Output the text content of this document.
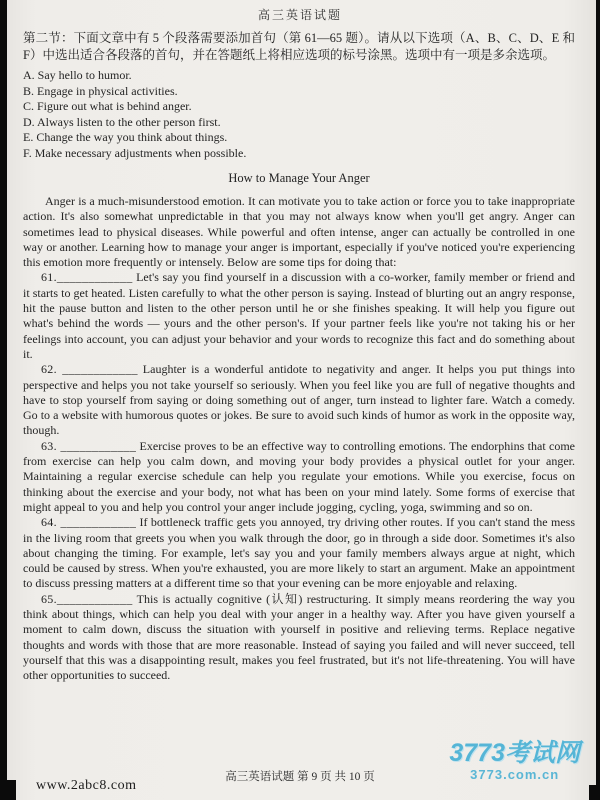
高三英语试题

第二节：下面文章中有 5 个段落需要添加首句（第 61—65 题）。请从以下选项（A、B、C、D、E 和 F）中选出适合各段落的首句，并在答题纸上将相应选项的标号涂黑。选项中有一项是多余选项。

A. Say hello to humor.
B. Engage in physical activities.
C. Figure out what is behind anger.
D. Always listen to the other person first.
E. Change the way you think about things.
F. Make necessary adjustments when possible.
How to Manage Your Anger

Anger is a much-misunderstood emotion. It can motivate you to take action or force you to take inappropriate action. It's also somewhat unpredictable in that you may not always know when you'll get angry. Anger can sometimes lead to physical diseases. While powerful and often intense, anger can actually be controlled in one way or another. Learning how to manage your anger is important, especially if you've noticed you're experiencing this emotion more frequently or intensely. Below are some tips for doing that:

61.____________ Let's say you find yourself in a discussion with a co-worker, family member or friend and it starts to get heated. Listen carefully to what the other person is saying. Instead of blurting out an angry response, hit the pause button and listen to the other person until he or she finishes speaking. It will help you figure out what's behind the words — yours and the other person's. If your partner feels like you're not taking his or her feelings into account, you can adjust your behavior and your words to recognize this fact and do something about it.

62. ____________ Laughter is a wonderful antidote to negativity and anger. It helps you put things into perspective and helps you not take yourself so seriously. When you feel like you are full of negative thoughts and have to stop yourself from saying or doing something out of anger, turn instead to lighter fare. Watch a comedy. Go to a website with humorous quotes or jokes. Be sure to avoid such kinds of humor as work in the opposite way, though.

63. ____________ Exercise proves to be an effective way to controlling emotions. The endorphins that come from exercise can help you calm down, and moving your body provides a physical outlet for your anger. Maintaining a regular exercise schedule can help you regulate your emotions. While you exercise, focus on thinking about the exercise and your body, not what has been on your mind lately. Some forms of exercise that might appeal to you and help you control your anger include jogging, cycling, yoga, swimming and so on.

64. ____________ If bottleneck traffic gets you annoyed, try driving other routes. If you can't stand the mess in the living room that greets you when you walk through the door, go in through a side door. Sometimes it's also about changing the timing. For example, let's say you and your family members always argue at night, which could be caused by stress. When you're exhausted, you are more likely to start an argument. Make an appointment to discuss pressing matters at a different time so that your evening can be more enjoyable and relaxing.

65.____________ This is actually cognitive (认知) restructuring. It simply means reordering the way you think about things, which can help you deal with your anger in a healthy way. After you have given yourself a moment to calm down, discuss the situation with yourself in positive and relieving terms. Replace negative thoughts and words with those that are more reasonable. Instead of saying you failed and will never succeed, tell yourself that this was a disappointing result, makes you feel frustrated, but it's not life-threatening. You will have other opportunities to succeed.

3773考试网
3773.com.cn
高三英语试题 第 9 页 共 10 页
www.2abc8.com
